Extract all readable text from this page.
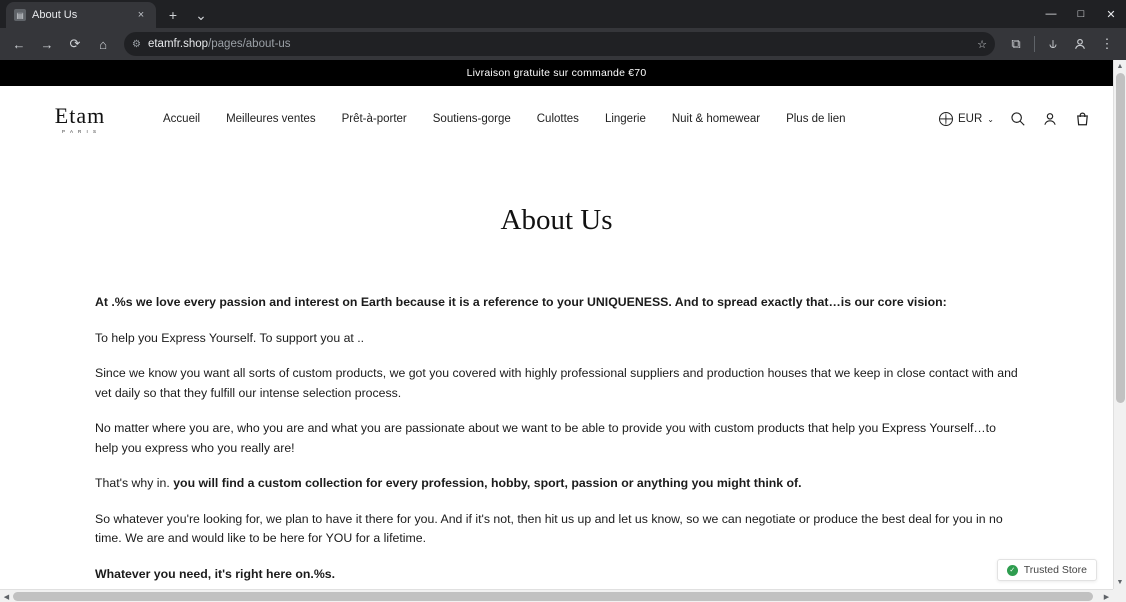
▤ About Us	×	+	⌄	—	□	✕
←	→	⟳	⌂	⚙ etamfr.shop/pages/about-us	☆	⧉	⫝	⋮
Livraison gratuite sur commande €70
Etam
P A R I S
Accueil	Meilleures ventes	Prêt-à-porter	Soutiens-gorge	Culottes	Lingerie	Nuit & homewear	Plus de lien	EUR ⌄
About Us

At .%s we love every passion and interest on Earth because it is a reference to your UNIQUENESS. And to spread exactly that…is our core vision:

To help you Express Yourself. To support you at ..

Since we know you want all sorts of custom products, we got you covered with highly professional suppliers and production houses that we keep in close contact with and vet daily so that they fulfill our intense selection process.

No matter where you are, who you are and what you are passionate about we want to be able to provide you with custom products that help you Express Yourself…to help you express who you really are!

That's why in. you will find a custom collection for every profession, hobby, sport, passion or anything you might think of.

So whatever you're looking for, we plan to have it there for you. And if it's not, then hit us up and let us know, so we can negotiate or produce the best deal for you in no time. We are and would like to be here for YOU for a lifetime.

Whatever you need, it's right here on.%s.	✓ Trusted Store
▲
▼
◀	▶
